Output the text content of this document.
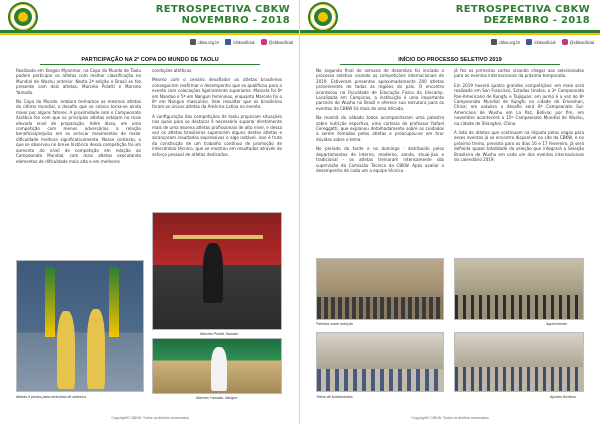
RETROSPECTIVA CBKW
NOVEMBRO - 2018
cbkw.org.br	/cbkwoficial	@cbkwoficial
PARTICIPAÇÃO NA 2ª COPA DO MUNDO DE TAOLU

Realizada em Yangon Myanmar, na Copa do Mundo de Taolu podem participar os atletas com melhor classificação no Mundial de Wushu anterior. Nesta 2ª edição o Brasil se fez presente com dois atletas, Marcela Polatti e Marcelo Yamada.

Na Copa do Mundo, embora tenhamos os mesmos atletas do último mundial, o desafio que se coloca torna-se ainda maior por alguns fatores. A proximidade com o Campeonato Asiático fez com que os principais atletas estejam no mais elevado nível de preparação. Além disso, em uma competição com menos adversários a relação benefício/prejuízo em se arriscar movimentos de maior dificuldade melhora significativamente. Nesse contexto, o que se observou no breve histórico dessa competição foi um aumento do nível de competição em relação ao Campeonato Mundial, com mais atletas executando elementos de dificuldade mais alta e em melhores

condições atléticas.

Mesmo com o cenário desafiador os atletas brasileiros conseguiram reafirmar o desempenho que os qualificou para o evento com colocações ligeiramente superiores. Marcela foi 6ª em Nandao e 5ª em Nangun femininos, enquanto Marcelo foi o 8º em Nangun masculino. Vale ressaltar que os brasileiros foram os únicos atletas da América Latina no evento.

A configuração das competições de taolu propiciam situações nas quais para se destacar é necessário superar diretamente mais de uma dezena atletas profissionais de alto nível, e dessa vez os atletas brasileiros superaram alguns destes atletas e alcançaram resultados expressivos e algo notável. Isso é fruto da construção de um trabalho contínuo de promoção de intercâmbio técnico, que se mostrou em resultados através do esforço pessoal de atletas dedicados.

Marcela Polatti, Nandao
Atletas e postes para cerimônia de abertura	Marcelo Yamada, Nangun
Copyright© CBKW. Todos os direitos reservados
RETROSPECTIVA CBKW
DEZEMBRO - 2018
cbkw.org.br	/cbkwoficial	@cbkwoficial
INÍCIO DO PROCESSO SELETIVO 2019

No segundo final de semana de dezembro foi iniciado o processo seletivo visando as competições internacionais de 2019. Estiveram presentes aproximadamente 200 atletas provenientes de todas as regiões do país. O encontro aconteceu na Faculdade de Educação Física da Unicamp. Localizada em Campinas, a instituição é uma importante parceira do Wushu no Brasil e oferece sua estrutura para os eventos da CBKW há mais de uma década.

Na manhã do sábado todos acompanharam uma palestra sobre nutrição esportiva, uma cortesia do professor Rafael Cereggatti, que explanou detalhadamente sobre os cuidados a serem tomados pelos atletas e preocupou-se em tirar dúvidas sobre o tema.

No período da tarde e no domingo - distribuído pelos departamentos de interno, moderno, sanda, shuai-jiao e tradicional - os atletas treinaram intensamente sob supervisão da Comissão Técnica da CBKW. Após avaliar o desempenho de cada um a equipe técnica

já fez os primeiros cortes visando chegar aos selecionados para os eventos internacionais da próxima temporada.

Em 2019 haverá quatro grandes competições: em maio será realizado em San Francisco, Estados Unidos, o 3º Campeonato Pan-Americano de Kungfu e Taijiquan; em junho é a vez do 8º Campeonato Mundial de Kungfu no cidade de Emeishan, China; em outubro o desafio será 8º Campeonato Sul-Americano de Wushu em La Paz, Bolívia; por fim, em novembro acontecerá o 15º Campeonato Mundial de Wushu, na cidade de Shanghai, China.

A lista de atletas que continuam na disputa pelas vagas para esses eventos já se encontra disponível no site da CBKW, e no próximo treino, previsto para os dias 16 e 17 fevereiro, já será definida quase totalidade do seleção que integrará a Seleção Brasileira de Wushu em cada um dos eventos internacionais do calendário 2019.

Palestra sobre nutrição	Aquecimento
Treino de fundamentos	Ajustes técnicos
Copyright© CBKW. Todos os direitos reservados
